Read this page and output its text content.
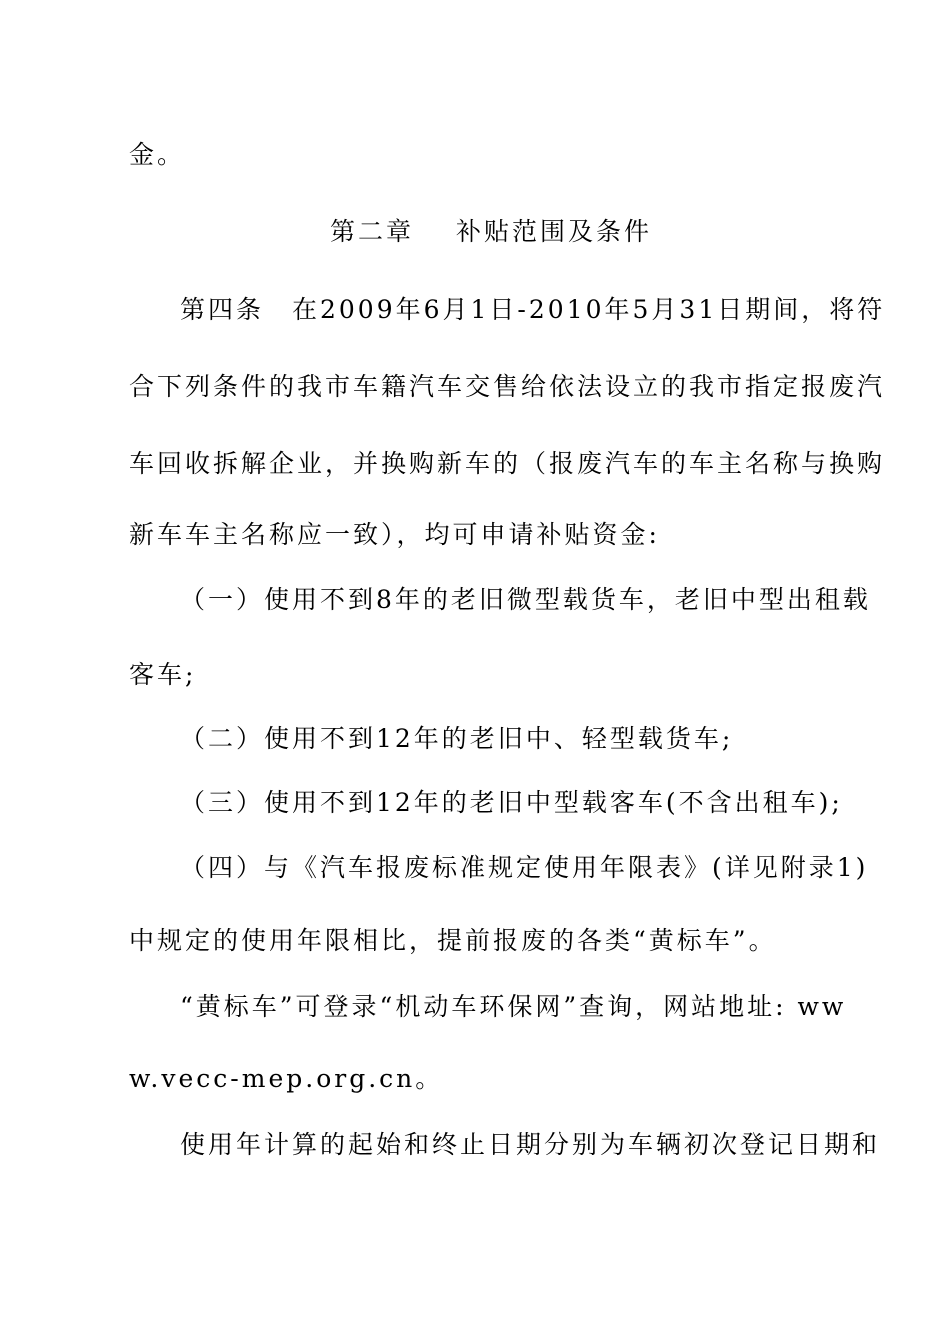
金。
第二章 补贴范围及条件
第四条　在2009年6月1日-2010年5月31日期间，将符
合下列条件的我市车籍汽车交售给依法设立的我市指定报废汽
车回收拆解企业，并换购新车的（报废汽车的车主名称与换购
新车车主名称应一致），均可申请补贴资金:
（一）使用不到8年的老旧微型载货车，老旧中型出租载
客车;
（二）使用不到12年的老旧中、轻型载货车;
（三）使用不到12年的老旧中型载客车(不含出租车);
（四）与《汽车报废标准规定使用年限表》(详见附录1)
中规定的使用年限相比，提前报废的各类“黄标车”。
“黄标车”可登录“机动车环保网”查询，网站地址: ww
w.vecc-mep.org.cn。
使用年计算的起始和终止日期分别为车辆初次登记日期和
